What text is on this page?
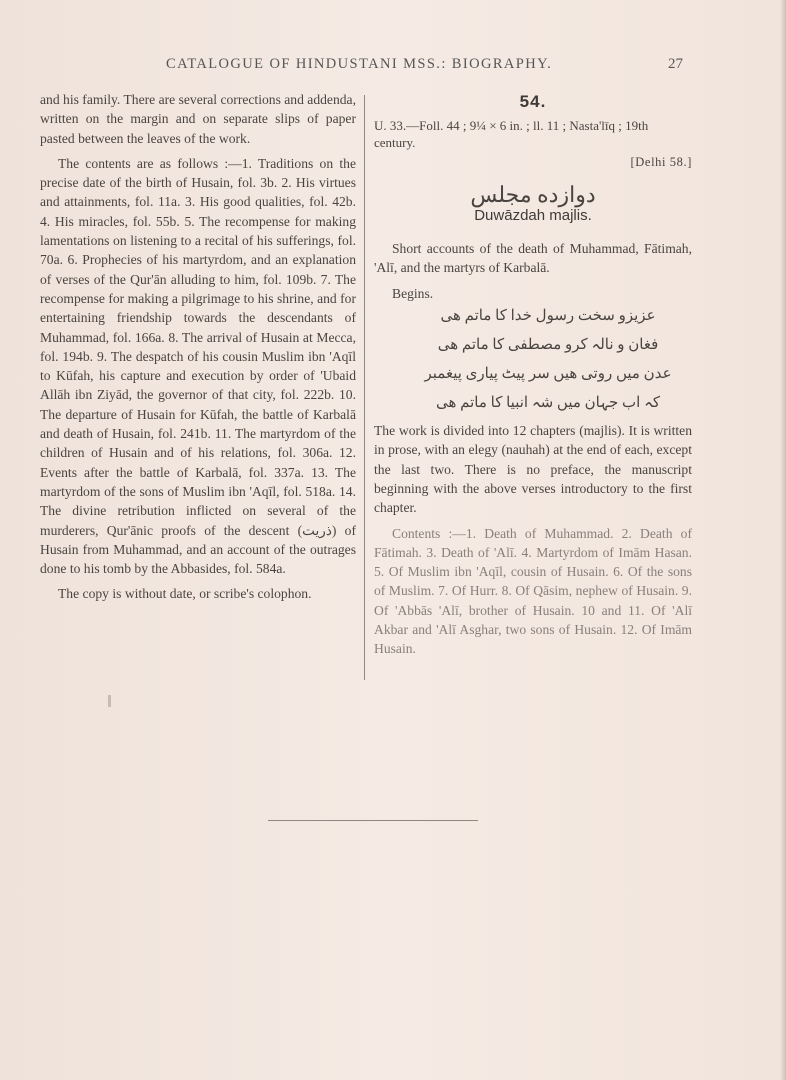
CATALOGUE OF HINDUSTANI MSS.: BIOGRAPHY.	27

and his family. There are several corrections and addenda, written on the margin and on separate slips of paper pasted between the leaves of the work.

The contents are as follows :—1. Traditions on the precise date of the birth of Husain, fol. 3b. 2. His virtues and attainments, fol. 11a. 3. His good qualities, fol. 42b. 4. His miracles, fol. 55b. 5. The recompense for making lamentations on listening to a recital of his sufferings, fol. 70a. 6. Prophecies of his martyrdom, and an explanation of verses of the Qur'ān alluding to him, fol. 109b. 7. The recompense for making a pilgrimage to his shrine, and for entertaining friendship towards the descendants of Muhammad, fol. 166a. 8. The arrival of Husain at Mecca, fol. 194b. 9. The despatch of his cousin Muslim ibn 'Aqīl to Kūfah, his capture and execution by order of 'Ubaid Allāh ibn Ziyād, the governor of that city, fol. 222b. 10. The departure of Husain for Kūfah, the battle of Karbalā and death of Husain, fol. 241b. 11. The martyrdom of the children of Husain and of his relations, fol. 306a. 12. Events after the battle of Karbalā, fol. 337a. 13. The martyrdom of the sons of Muslim ibn 'Aqīl, fol. 518a. 14. The divine retribution inflicted on several of the murderers, Qur'ānic proofs of the descent (ذریت) of Husain from Muhammad, and an account of the outrages done to his tomb by the Abbasides, fol. 584a.

The copy is without date, or scribe's colophon.

54.
U. 33.—Foll. 44 ; 9¼ × 6 in. ; ll. 11 ; Nasta'līq ; 19th century.
[Delhi 58.]
دوازده مجلس
Duwāzdah majlis.

Short accounts of the death of Muhammad, Fātimah, 'Alī, and the martyrs of Karbalā.

Begins.

عزیزو سخت رسول خدا کا ماتم هی

فغان و نالہ کرو مصطفی کا ماتم هی

عدن میں روتی هیں سر پیٹ پیاری پیغمبر

کہ اب جہان میں شہ انبیا کا ماتم هی

The work is divided into 12 chapters (majlis). It is written in prose, with an elegy (nauhah) at the end of each, except the last two. There is no preface, the manuscript beginning with the above verses introductory to the first chapter.

Contents :—1. Death of Muhammad. 2. Death of Fātimah. 3. Death of 'Alī. 4. Martyrdom of Imām Hasan. 5. Of Muslim ibn 'Aqīl, cousin of Husain. 6. Of the sons of Muslim. 7. Of Hurr. 8. Of Qāsim, nephew of Husain. 9. Of 'Abbās 'Alī, brother of Husain. 10 and 11. Of 'Alī Akbar and 'Alī Asghar, two sons of Husain. 12. Of Imām Husain.
